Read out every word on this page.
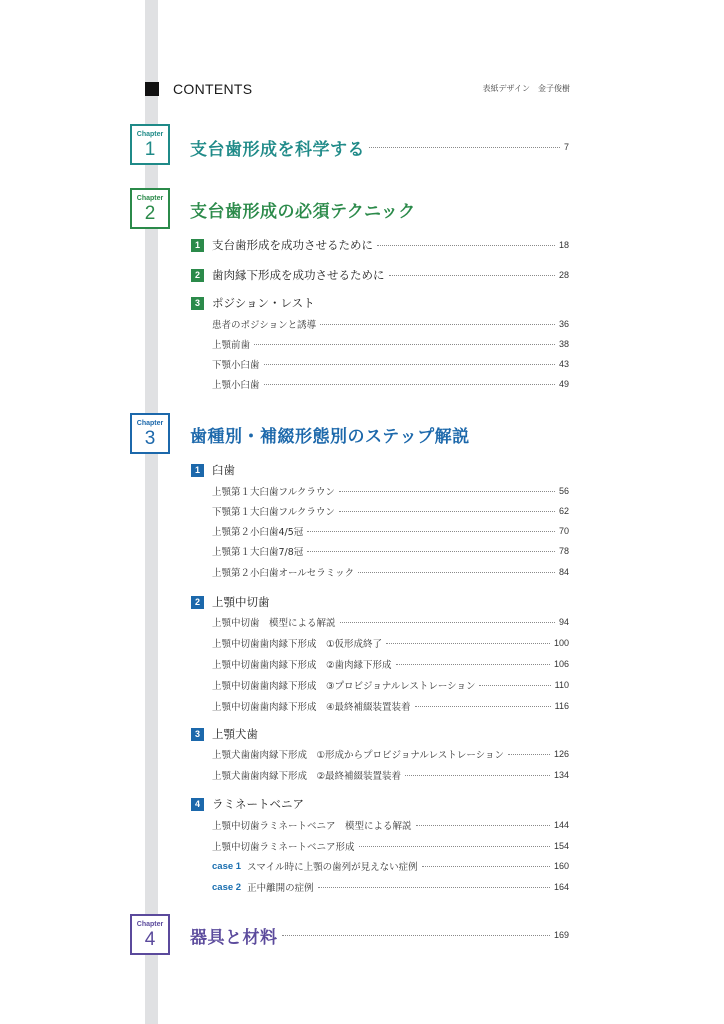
CONTENTS	表紙デザイン　金子俊樹
Chapter
1	支台歯形成を科学する	7
Chapter
2	支台歯形成の必須テクニック
1	支台歯形成を成功させるために	18
2	歯肉縁下形成を成功させるために	28
3	ポジション・レスト
患者のポジションと誘導	36
上顎前歯	38
下顎小臼歯	43
上顎小臼歯	49
Chapter
3	歯種別・補綴形態別のステップ解説
1	臼歯
上顎第１大臼歯フルクラウン	56
下顎第１大臼歯フルクラウン	62
上顎第２小臼歯4/5冠	70
上顎第１大臼歯7/8冠	78
上顎第２小臼歯オールセラミック	84
2	上顎中切歯
上顎中切歯　模型による解説	94
上顎中切歯歯肉縁下形成　①仮形成終了	100
上顎中切歯歯肉縁下形成　②歯肉縁下形成	106
上顎中切歯歯肉縁下形成　③プロビジョナルレストレーション	110
上顎中切歯歯肉縁下形成　④最終補綴装置装着	116
3	上顎犬歯
上顎犬歯歯肉縁下形成　①形成からプロビジョナルレストレーション	126
上顎犬歯歯肉縁下形成　②最終補綴装置装着	134
4	ラミネートベニア
上顎中切歯ラミネートベニア　模型による解説	144
上顎中切歯ラミネートベニア形成	154
case 1 スマイル時に上顎の歯列が見えない症例	160
case 2 正中離開の症例	164
Chapter
4	器具と材料	169
